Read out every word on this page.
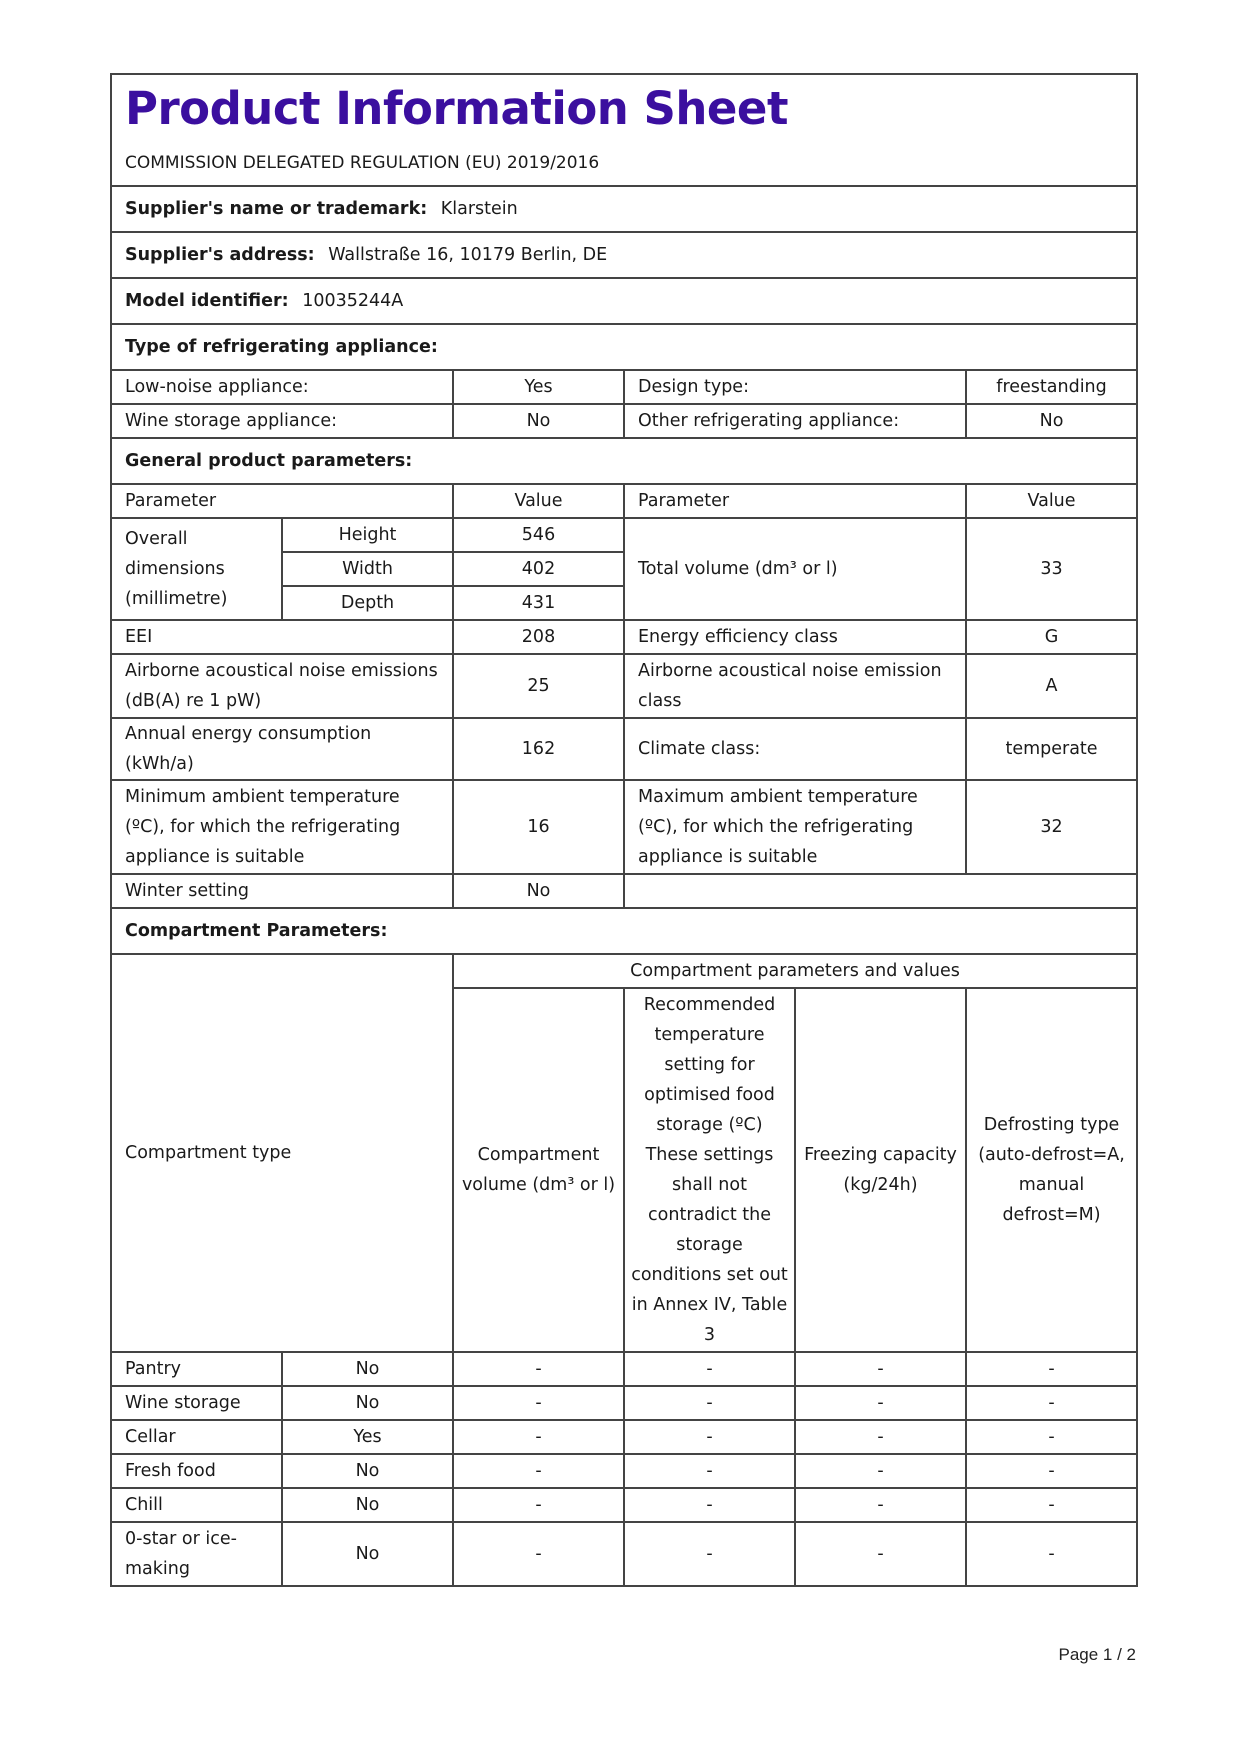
Product Information Sheet
COMMISSION DELEGATED REGULATION (EU) 2019/2016					

Supplier's name or trademark: Klarstein					
Supplier's address: Wallstraße 16, 10179 Berlin, DE					
Model identifier: 10035244A					
Type of refrigerating appliance:					
Low-noise appliance:		Yes	Design type:		freestanding
Wine storage appliance:		No	Other refrigerating appliance:		No
General product parameters:					
Parameter		Value	Parameter		Value
Overall dimensions (millimetre)	Height	546	Total volume (dm³ or l)		33
	Width	402			
	Depth	431			
EEI		208	Energy efficiency class		G
Airborne acoustical noise emissions (dB(A) re 1 pW)		25	Airborne acoustical noise emission class		A
Annual energy consumption (kWh/a)		162	Climate class:		temperate
Minimum ambient temperature (ºC), for which the refrigerating appliance is suitable		16	Maximum ambient temperature (ºC), for which the refrigerating appliance is suitable		32
Winter setting		No			
Compartment Parameters:					
Compartment type		Compartment parameters and values			
		Compartment volume (dm³ or l)	Recommended temperature setting for optimised food storage (ºC) These settings shall not contradict the storage conditions set out in Annex IV, Table 3	Freezing capacity (kg/24h)	Defrosting type (auto-defrost=A, manual defrost=M)
Pantry	No	-	-	-	-
Wine storage	No	-	-	-	-
Cellar	Yes	-	-	-	-
Fresh food	No	-	-	-	-
Chill	No	-	-	-	-
0-star or ice-making	No	-	-	-	-
Page 1 / 2
